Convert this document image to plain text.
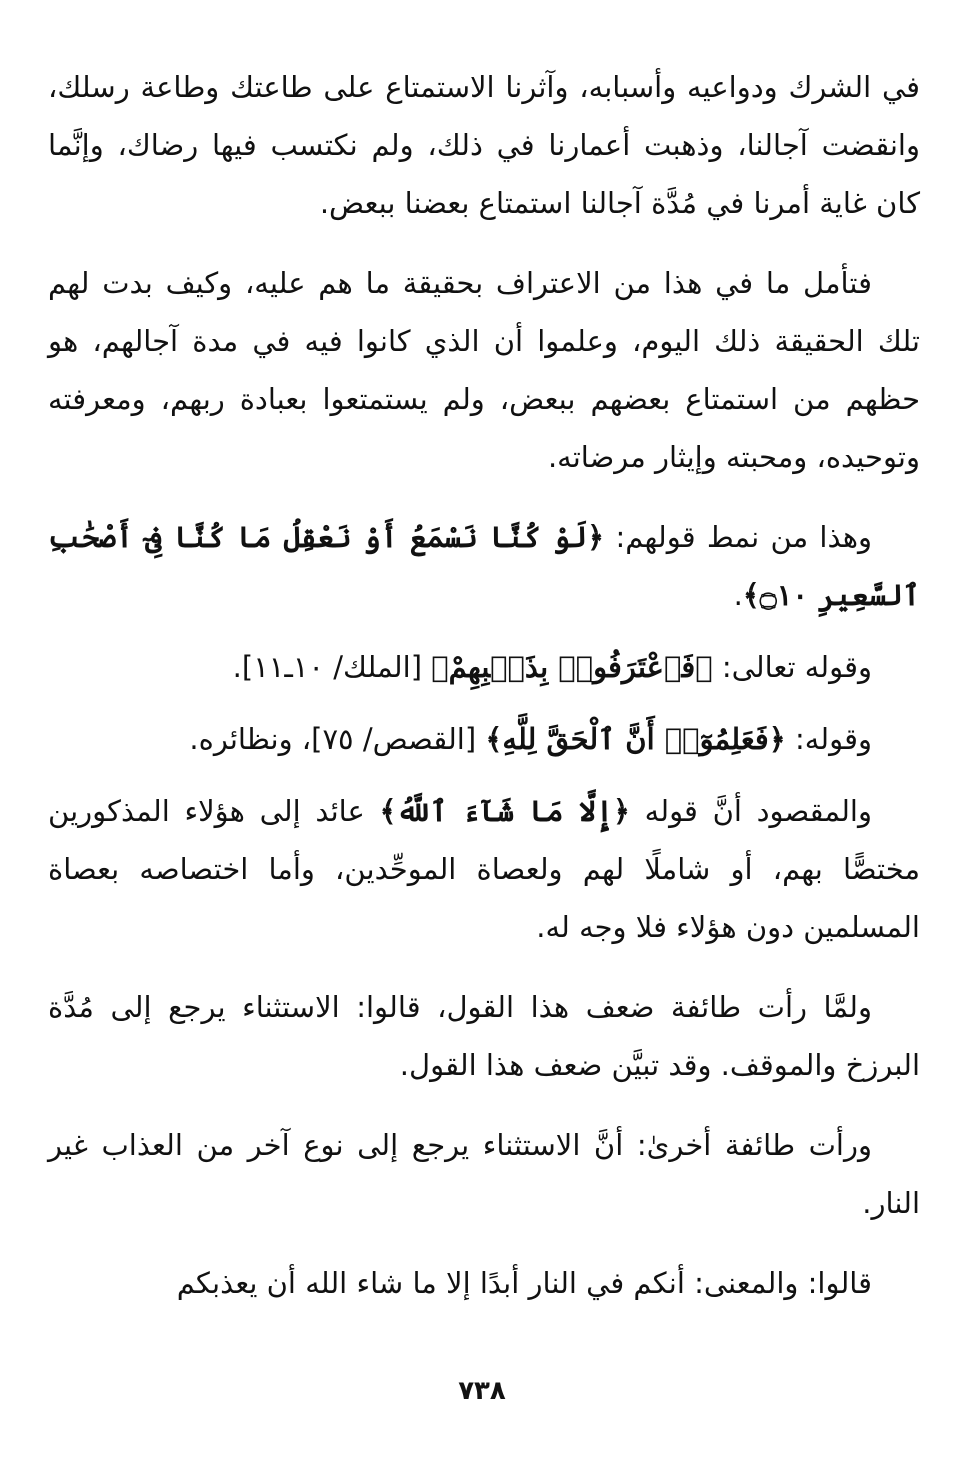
في الشرك ودواعيه وأسبابه، وآثرنا الاستمتاع على طاعتك وطاعة رسلك، وانقضت آجالنا، وذهبت أعمارنا في ذلك، ولم نكتسب فيها رضاك، وإنَّما كان غاية أمرنا في مُدَّة آجالنا استمتاع بعضنا ببعض.

فتأمل ما في هذا من الاعتراف بحقيقة ما هم عليه، وكيف بدت لهم تلك الحقيقة ذلك اليوم، وعلموا أن الذي كانوا فيه في مدة آجالهم، هو حظهم من استمتاع بعضهم ببعض، ولم يستمتعوا بعبادة ربهم، ومعرفته وتوحيده، ومحبته وإيثار مرضاته.

وهذا من نمط قولهم: ﴿لَوْ كُنَّا نَسْمَعُ أَوْ نَعْقِلُ مَا كُنَّا فِىٓ أَصْحَٰبِ ٱلسَّعِيرِ ۝١٠﴾.

وقوله تعالى: ﴿فَٱعْتَرَفُوا۟ بِذَنۢبِهِمْ﴾ [الملك/ ١٠ـ١١].

وقوله: ﴿فَعَلِمُوٓا۟ أَنَّ ٱلْحَقَّ لِلَّهِ﴾ [القصص/ ٧٥]، ونظائره.

والمقصود أنَّ قوله ﴿إِلَّا مَا شَآءَ ٱللَّهُ﴾ عائد إلى هؤلاء المذكورين مختصًّا بهم، أو شاملًا لهم ولعصاة الموحِّدين، وأما اختصاصه بعصاة المسلمين دون هؤلاء فلا وجه له.

ولمَّا رأت طائفة ضعف هذا القول، قالوا: الاستثناء يرجع إلى مُدَّة البرزخ والموقف. وقد تبيَّن ضعف هذا القول.

ورأت طائفة أخرىٰ: أنَّ الاستثناء يرجع إلى نوع آخر من العذاب غير النار.

قالوا: والمعنى: أنكم في النار أبدًا إلا ما شاء الله أن يعذبكم

٧٣٨
